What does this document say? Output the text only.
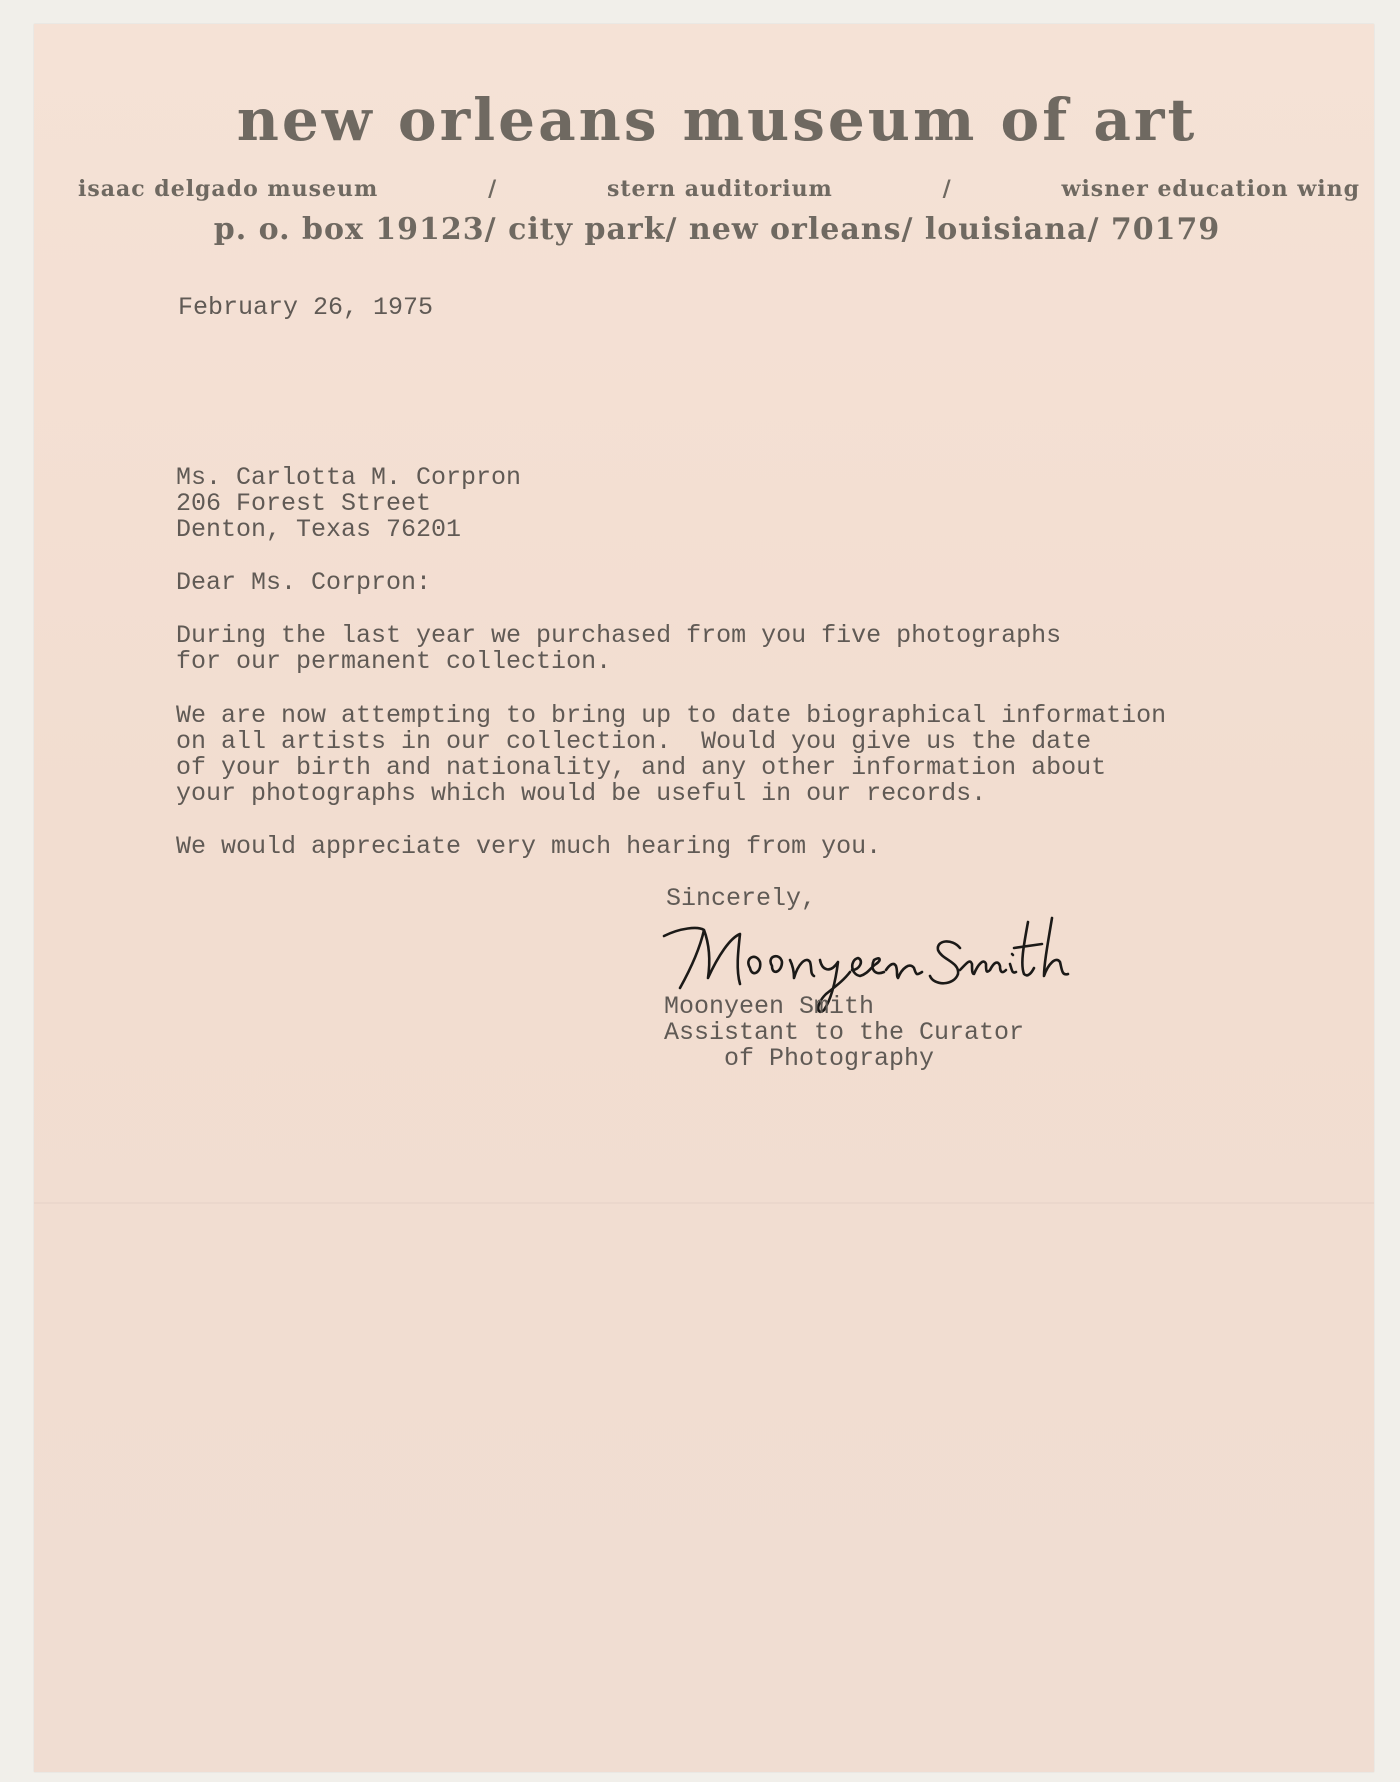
new orleans museum of art
isaac delgado museum	/	stern auditorium	/	wisner education wing
p. o. box 19123/ city park/ new orleans/ louisiana/ 70179

February 26, 1975

Ms. Carlotta M. Corpron
206 Forest Street
Denton, Texas 76201

Dear Ms. Corpron:

During the last year we purchased from you five photographs
for our permanent collection.
We are now attempting to bring up to date biographical information
on all artists in our collection.  Would you give us the date
of your birth and nationality, and any other information about
your photographs which would be useful in our records.

We would appreciate very much hearing from you.

Sincerely,

Moonyeen Smith
Assistant to the Curator
of Photography
